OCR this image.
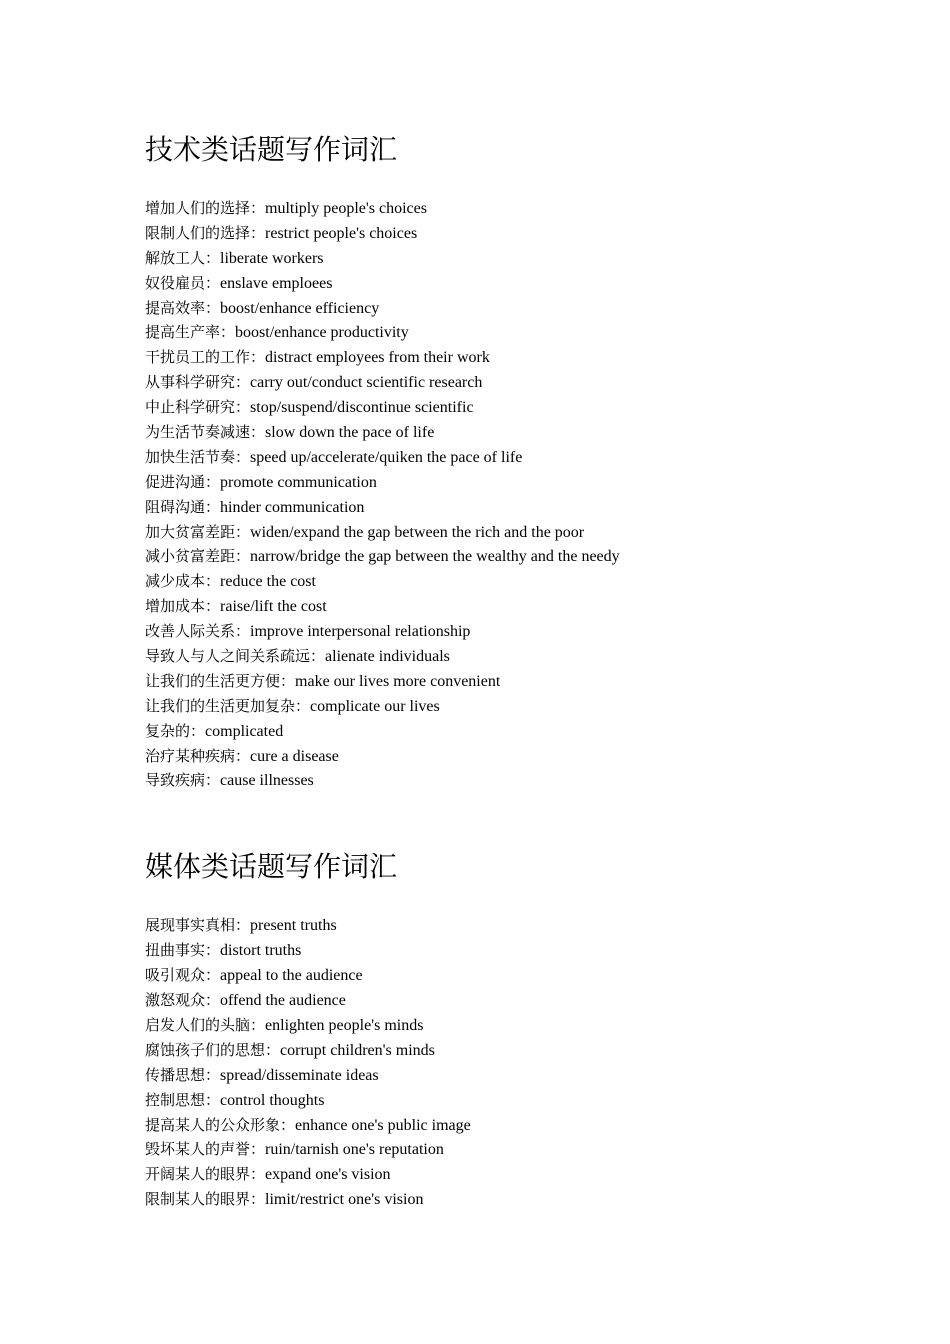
技术类话题写作词汇
增加人们的选择：multiply people's choices
限制人们的选择：restrict people's choices
解放工人：liberate workers
奴役雇员：enslave emploees
提高效率：boost/enhance efficiency
提高生产率：boost/enhance productivity
干扰员工的工作：distract employees from their work
从事科学研究：carry out/conduct scientific research
中止科学研究：stop/suspend/discontinue scientific
为生活节奏减速：slow down the pace of life
加快生活节奏：speed up/accelerate/quiken the pace of life
促进沟通：promote communication
阻碍沟通：hinder communication
加大贫富差距：widen/expand the gap between the rich and the poor
减小贫富差距：narrow/bridge the gap between the wealthy and the needy
减少成本：reduce the cost
增加成本：raise/lift the cost
改善人际关系：improve interpersonal relationship
导致人与人之间关系疏远：alienate individuals
让我们的生活更方便：make our lives more convenient
让我们的生活更加复杂：complicate our lives
复杂的：complicated
治疗某种疾病：cure a disease
导致疾病：cause illnesses
媒体类话题写作词汇
展现事实真相：present truths
扭曲事实：distort truths
吸引观众：appeal to the audience
激怒观众：offend the audience
启发人们的头脑：enlighten people's minds
腐蚀孩子们的思想：corrupt children's minds
传播思想：spread/disseminate ideas
控制思想：control thoughts
提高某人的公众形象：enhance one's public image
毁坏某人的声誉：ruin/tarnish one's reputation
开阔某人的眼界：expand one's vision
限制某人的眼界：limit/restrict one's vision
